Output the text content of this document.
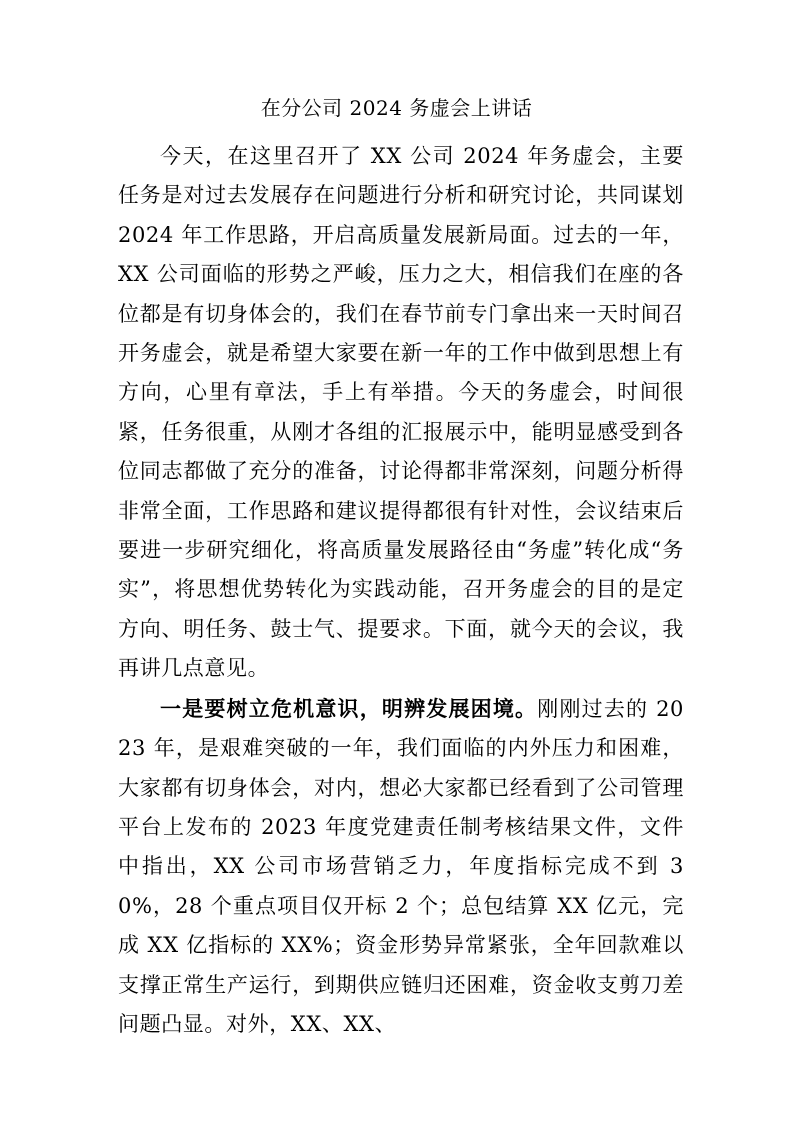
在分公司 2024 务虚会上讲话

今天，在这里召开了 XX 公司 2024 年务虚会，主要任务是对过去发展存在问题进行分析和研究讨论，共同谋划 2024 年工作思路，开启高质量发展新局面。过去的一年，XX 公司面临的形势之严峻，压力之大，相信我们在座的各位都是有切身体会的，我们在春节前专门拿出来一天时间召开务虚会，就是希望大家要在新一年的工作中做到思想上有方向，心里有章法，手上有举措。今天的务虚会，时间很紧，任务很重，从刚才各组的汇报展示中，能明显感受到各位同志都做了充分的准备，讨论得都非常深刻，问题分析得非常全面，工作思路和建议提得都很有针对性，会议结束后要进一步研究细化，将高质量发展路径由“务虚”转化成“务实”，将思想优势转化为实践动能，召开务虚会的目的是定方向、明任务、鼓士气、提要求。下面，就今天的会议，我再讲几点意见。

一是要树立危机意识，明辨发展困境。刚刚过去的 2023 年，是艰难突破的一年，我们面临的内外压力和困难，大家都有切身体会，对内，想必大家都已经看到了公司管理平台上发布的 2023 年度党建责任制考核结果文件，文件中指出，XX 公司市场营销乏力，年度指标完成不到 30%，28 个重点项目仅开标 2 个；总包结算 XX 亿元，完成 XX 亿指标的 XX%；资金形势异常紧张，全年回款难以支撑正常生产运行，到期供应链归还困难，资金收支剪刀差问题凸显。对外，XX、XX、
